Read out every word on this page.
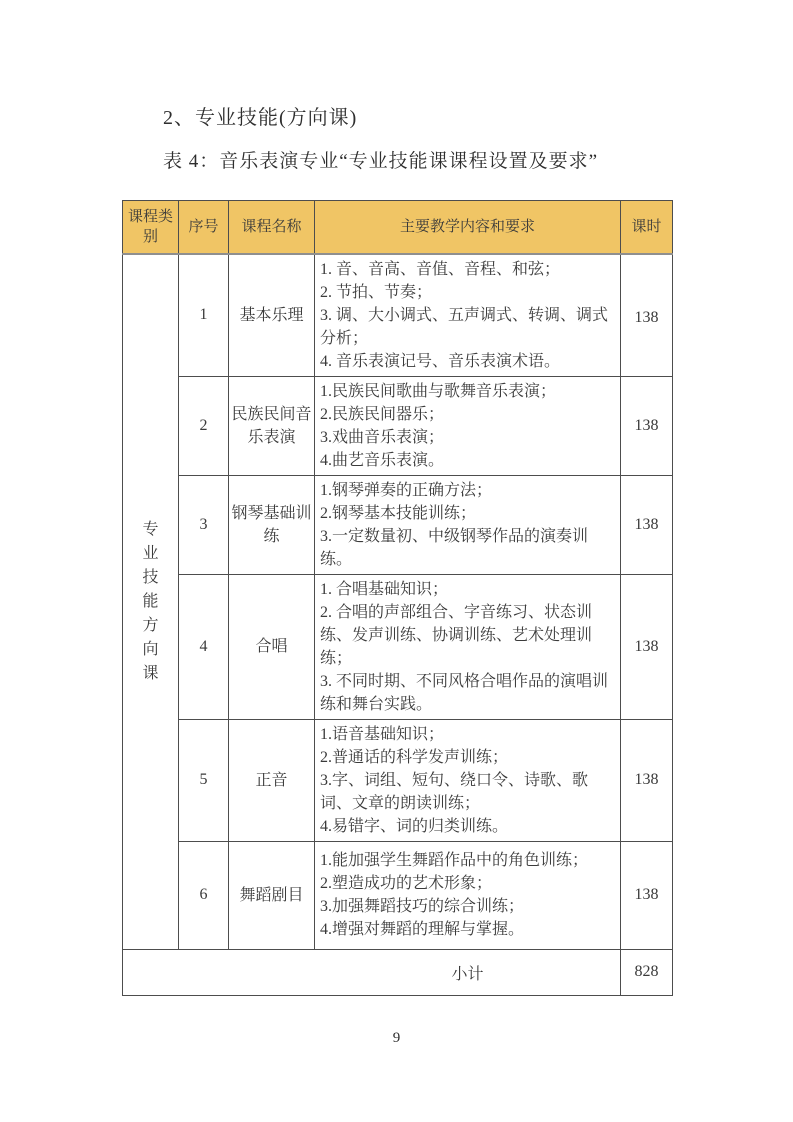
2、专业技能(方向课)
表 4：音乐表演专业“专业技能课课程设置及要求”
课程类别	序号	课程名称	主要教学内容和要求	课时

专业技能方向课	1	基本乐理	1. 音、音高、音值、音程、和弦；
2. 节拍、节奏；
3. 调、大小调式、五声调式、转调、调式分析；
4. 音乐表演记号、音乐表演术语。	138
	2	民族民间音乐表演	1.民族民间歌曲与歌舞音乐表演；
2.民族民间器乐；
3.戏曲音乐表演；
4.曲艺音乐表演。	138
	3	钢琴基础训练	1.钢琴弹奏的正确方法；
2.钢琴基本技能训练；
3.一定数量初、中级钢琴作品的演奏训练。	138
	4	合唱	1. 合唱基础知识；
2. 合唱的声部组合、字音练习、状态训练、发声训练、协调训练、艺术处理训练；
3. 不同时期、不同风格合唱作品的演唱训练和舞台实践。	138
	5	正音	1.语音基础知识；
2.普通话的科学发声训练；
3.字、词组、短句、绕口令、诗歌、歌词、文章的朗读训练；
4.易错字、词的归类训练。	138
	6	舞蹈剧目	1.能加强学生舞蹈作品中的角色训练；
2.塑造成功的艺术形象；
3.加强舞蹈技巧的综合训练；
4.增强对舞蹈的理解与掌握。	138
小计				828
9
